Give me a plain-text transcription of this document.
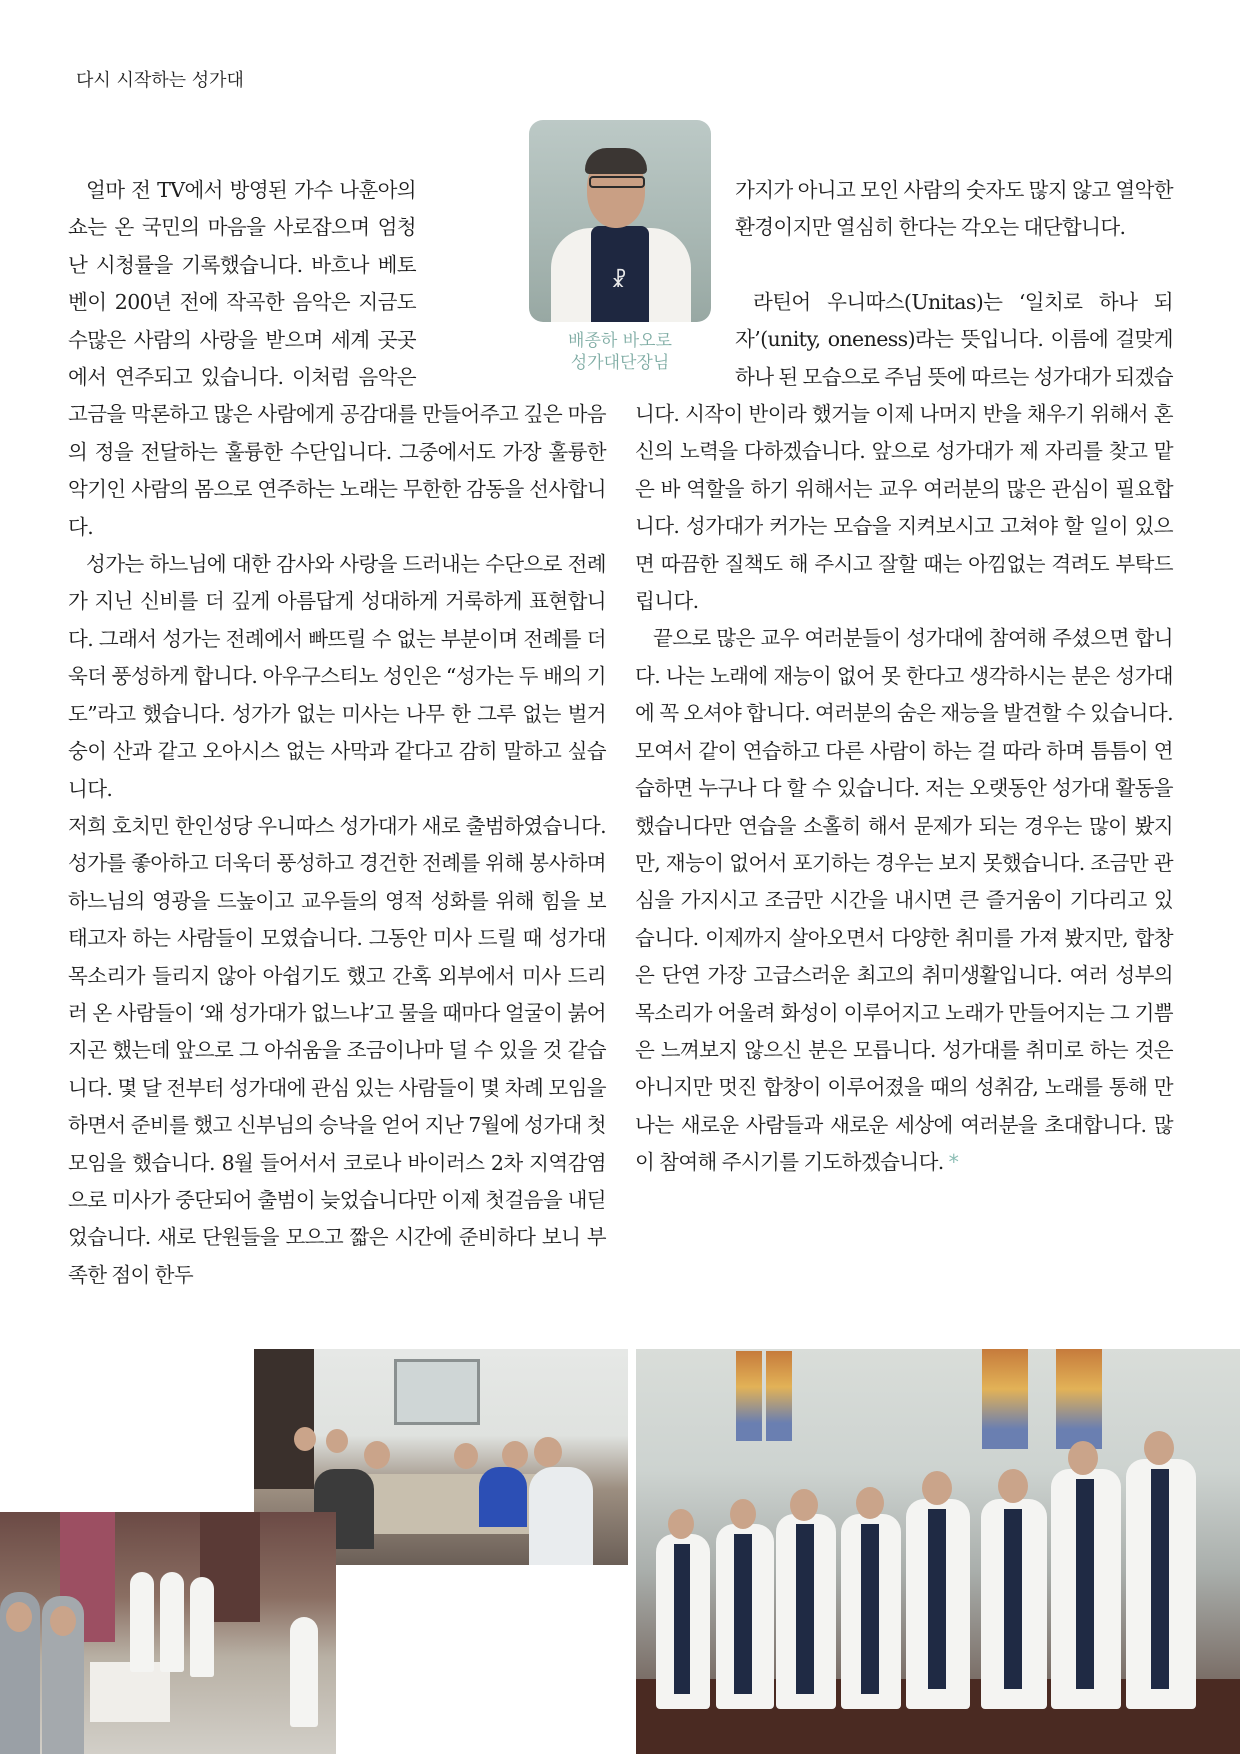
다시 시작하는 성가대
☧
배종하 바오로
성가대단장님

얼마 전 TV에서 방영된 가수 나훈아의 쇼는 온 국민의 마음을 사로잡으며 엄청난 시청률을 기록했습니다. 바흐나 베토벤이 200년 전에 작곡한 음악은 지금도 수많은 사람의 사랑을 받으며 세계 곳곳에서 연주되고 있습니다. 이처럼 음악은 고금을 막론하고 많은 사람에게 공감대를 만들어주고 깊은 마음의 정을 전달하는 훌륭한 수단입니다. 그중에서도 가장 훌륭한 악기인 사람의 몸으로 연주하는 노래는 무한한 감동을 선사합니다.

성가는 하느님에 대한 감사와 사랑을 드러내는 수단으로 전례가 지닌 신비를 더 깊게 아름답게 성대하게 거룩하게 표현합니다. 그래서 성가는 전례에서 빠뜨릴 수 없는 부분이며 전례를 더욱더 풍성하게 합니다. 아우구스티노 성인은 “성가는 두 배의 기도”라고 했습니다. 성가가 없는 미사는 나무 한 그루 없는 벌거숭이 산과 같고 오아시스 없는 사막과 같다고 감히 말하고 싶습니다.

저희 호치민 한인성당 우니따스 성가대가 새로 출범하였습니다. 성가를 좋아하고 더욱더 풍성하고 경건한 전례를 위해 봉사하며 하느님의 영광을 드높이고 교우들의 영적 성화를 위해 힘을 보태고자 하는 사람들이 모였습니다. 그동안 미사 드릴 때 성가대 목소리가 들리지 않아 아쉽기도 했고 간혹 외부에서 미사 드리러 온 사람들이 ‘왜 성가대가 없느냐’고 물을 때마다 얼굴이 붉어지곤 했는데 앞으로 그 아쉬움을 조금이나마 덜 수 있을 것 같습니다. 몇 달 전부터 성가대에 관심 있는 사람들이 몇 차례 모임을 하면서 준비를 했고 신부님의 승낙을 얻어 지난 7월에 성가대 첫 모임을 했습니다. 8월 들어서서 코로나 바이러스 2차 지역감염으로 미사가 중단되어 출범이 늦었습니다만 이제 첫걸음을 내딛었습니다. 새로 단원들을 모으고 짧은 시간에 준비하다 보니 부족한 점이 한두

가지가 아니고 모인 사람의 숫자도 많지 않고 열악한 환경이지만 열심히 한다는 각오는 대단합니다.

라틴어 우니따스(Unitas)는 ‘일치로 하나 되자’(unity, oneness)라는 뜻입니다. 이름에 걸맞게 하나 된 모습으로 주님 뜻에 따르는 성가대가 되겠습니다. 시작이 반이라 했거늘 이제 나머지 반을 채우기 위해서 혼신의 노력을 다하겠습니다. 앞으로 성가대가 제 자리를 찾고 맡은 바 역할을 하기 위해서는 교우 여러분의 많은 관심이 필요합니다. 성가대가 커가는 모습을 지켜보시고 고쳐야 할 일이 있으면 따끔한 질책도 해 주시고 잘할 때는 아낌없는 격려도 부탁드립니다.

끝으로 많은 교우 여러분들이 성가대에 참여해 주셨으면 합니다. 나는 노래에 재능이 없어 못 한다고 생각하시는 분은 성가대에 꼭 오셔야 합니다. 여러분의 숨은 재능을 발견할 수 있습니다. 모여서 같이 연습하고 다른 사람이 하는 걸 따라 하며 틈틈이 연습하면 누구나 다 할 수 있습니다. 저는 오랫동안 성가대 활동을 했습니다만 연습을 소홀히 해서 문제가 되는 경우는 많이 봤지만, 재능이 없어서 포기하는 경우는 보지 못했습니다. 조금만 관심을 가지시고 조금만 시간을 내시면 큰 즐거움이 기다리고 있습니다. 이제까지 살아오면서 다양한 취미를 가져 봤지만, 합창은 단연 가장 고급스러운 최고의 취미생활입니다. 여러 성부의 목소리가 어울려 화성이 이루어지고 노래가 만들어지는 그 기쁨은 느껴보지 않으신 분은 모릅니다. 성가대를 취미로 하는 것은 아니지만 멋진 합창이 이루어졌을 때의 성취감, 노래를 통해 만나는 새로운 사람들과 새로운 세상에 여러분을 초대합니다. 많이 참여해 주시기를 기도하겠습니다. *
